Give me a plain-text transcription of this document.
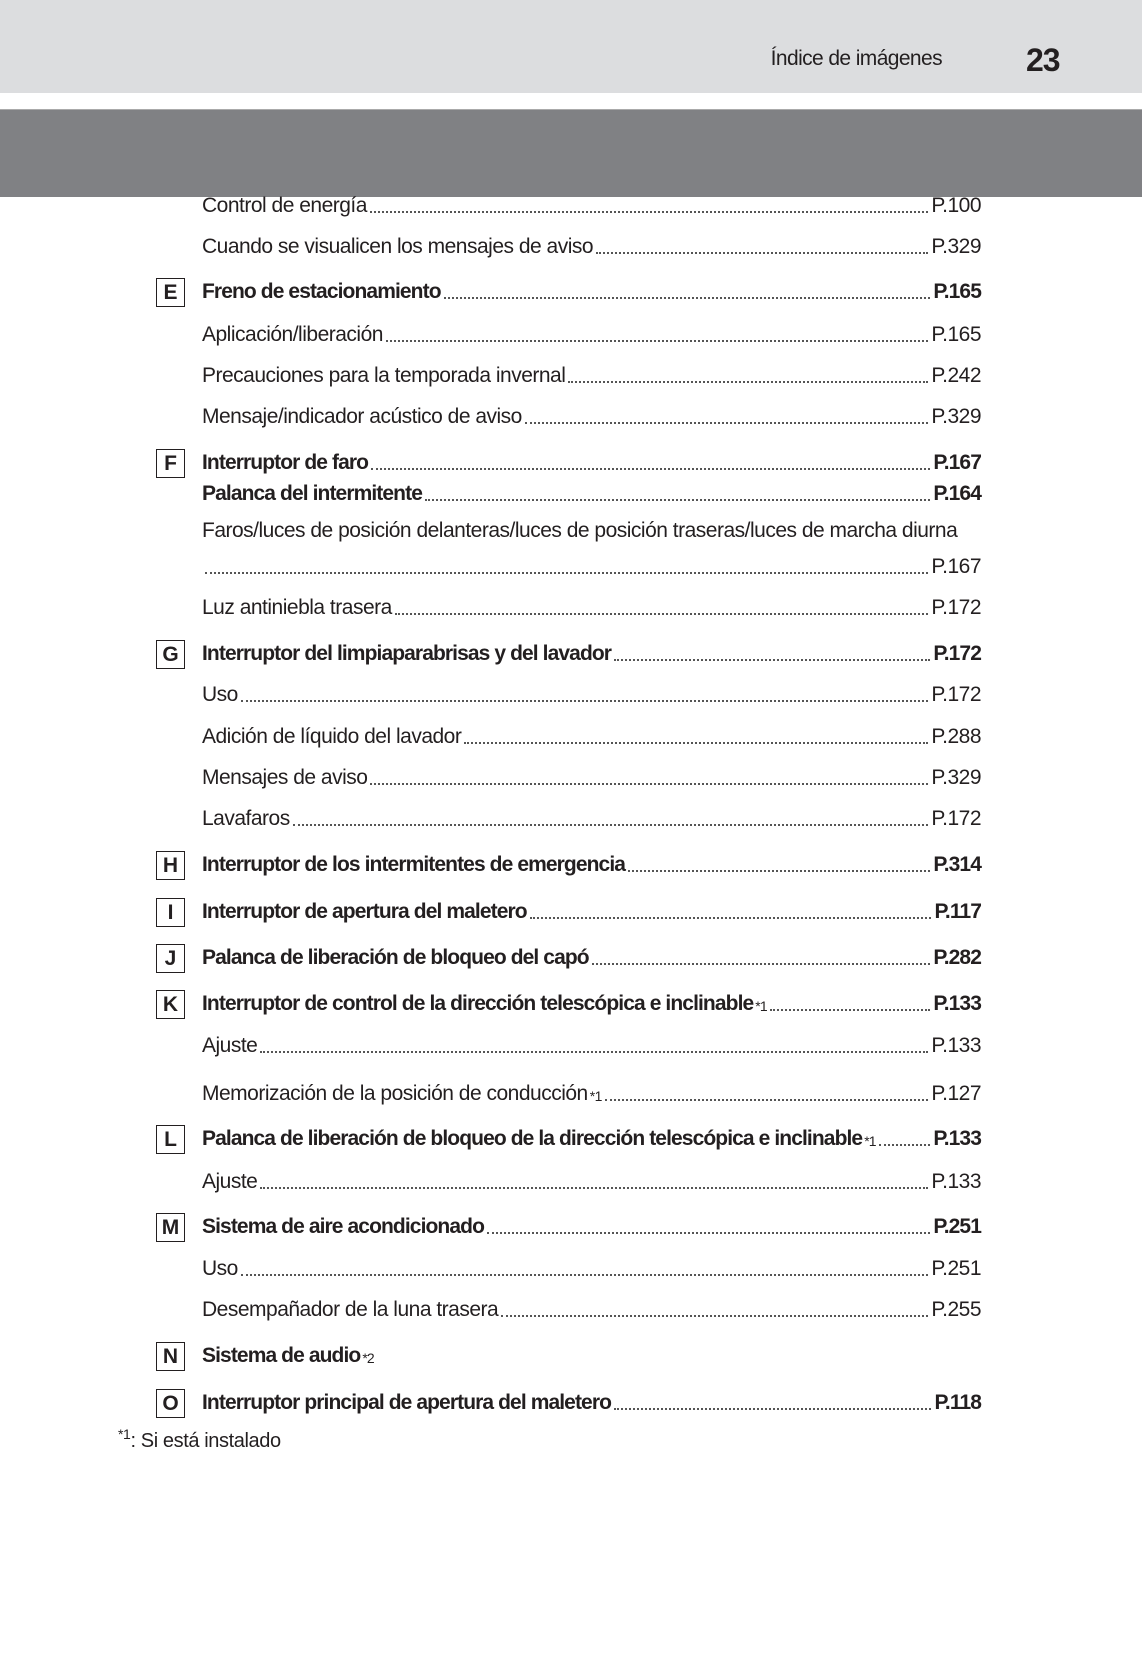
Índice de imágenes	23
Control de energía	P.100
Cuando se visualicen los mensajes de aviso	P.329
E	Freno de estacionamiento	P.165
Aplicación/liberación	P.165
Precauciones para la temporada invernal	P.242
Mensaje/indicador acústico de aviso	P.329
F	Interruptor de faro	P.167
Palanca del intermitente	P.164
Faros/luces de posición delanteras/luces de posición traseras/luces de marcha diurna
P.167
Luz antiniebla trasera	P.172
G	Interruptor del limpiaparabrisas y del lavador	P.172
Uso	P.172
Adición de líquido del lavador	P.288
Mensajes de aviso	P.329
Lavafaros	P.172
H	Interruptor de los intermitentes de emergencia	P.314
I	Interruptor de apertura del maletero	P.117
J	Palanca de liberación de bloqueo del capó	P.282
K	Interruptor de control de la dirección telescópica e inclinable$^{*1}$	P.133
Ajuste	P.133
Memorización de la posición de conducción$^{*1}$	P.127
L	Palanca de liberación de bloqueo de la dirección telescópica e inclinable$^{*1}$	P.133
Ajuste	P.133
M Sistema de aire acondicionado	P.251
Uso	P.251
Desempañador de la luna trasera	P.255
N	Sistema de audio$^{*2}$
O	Interruptor principal de apertura del maletero	P.118
$^{*1}$: Si está instalado
